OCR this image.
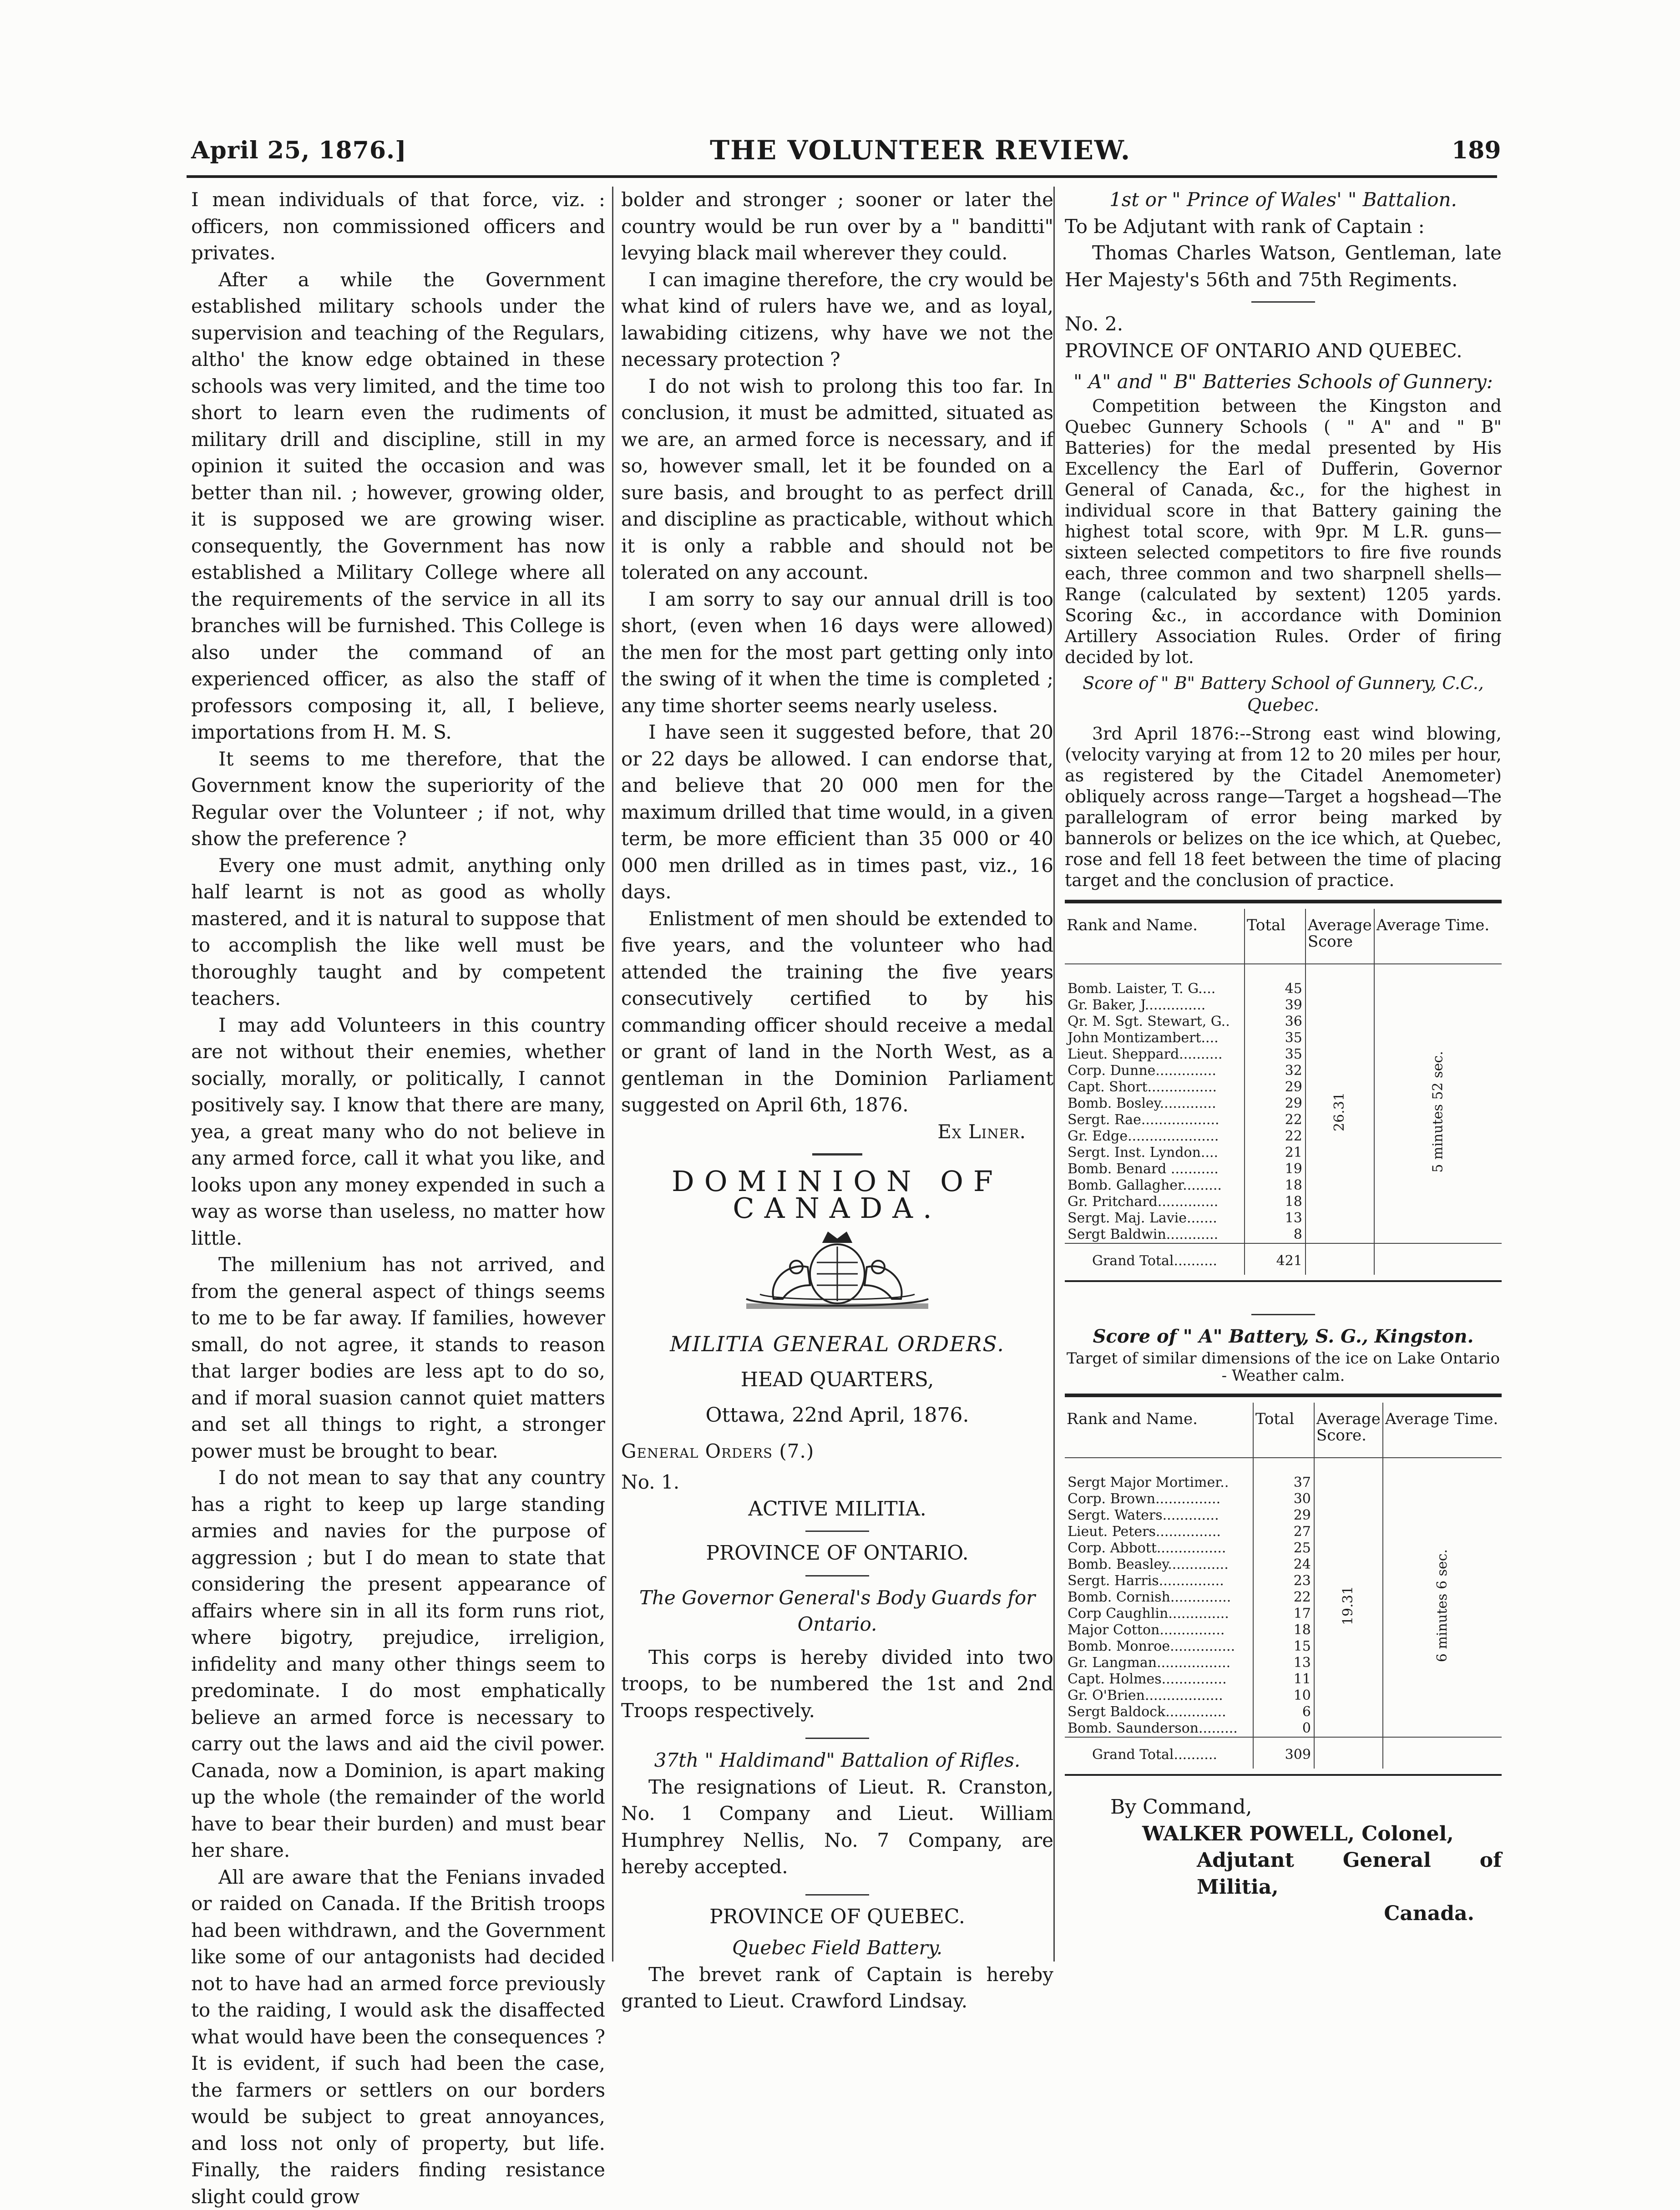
April 25, 1876.]	THE VOLUNTEER REVIEW.	189

I mean individuals of that force, viz. : officers, non commissioned officers and privates.

After a while the Government established military schools under the supervision and teaching of the Regulars, altho' the know edge obtained in these schools was very limited, and the time too short to learn even the rudiments of military drill and discipline, still in my opinion it suited the occasion and was better than nil. ; however, growing older, it is supposed we are growing wiser. consequently, the Government has now established a Military College where all the requirements of the service in all its branches will be furnished. This College is also under the command of an experienced officer, as also the staff of professors composing it, all, I believe, importations from H. M. S.

It seems to me therefore, that the Government know the superiority of the Regular over the Volunteer ; if not, why show the preference ?

Every one must admit, anything only half learnt is not as good as wholly mastered, and it is natural to suppose that to accomplish the like well must be thoroughly taught and by competent teachers.

I may add Volunteers in this country are not without their enemies, whether socially, morally, or politically, I cannot positively say. I know that there are many, yea, a great many who do not believe in any armed force, call it what you like, and looks upon any money expended in such a way as worse than useless, no matter how little.

The millenium has not arrived, and from the general aspect of things seems to me to be far away. If families, however small, do not agree, it stands to reason that larger bodies are less apt to do so, and if moral suasion cannot quiet matters and set all things to right, a stronger power must be brought to bear.

I do not mean to say that any country has a right to keep up large standing armies and navies for the purpose of aggression ; but I do mean to state that considering the present appearance of affairs where sin in all its form runs riot, where bigotry, prejudice, irreligion, infidelity and many other things seem to predominate. I do most emphatically believe an armed force is necessary to carry out the laws and aid the civil power. Canada, now a Dominion, is apart making up the whole (the remainder of the world have to bear their burden) and must bear her share.

All are aware that the Fenians invaded or raided on Canada. If the British troops had been withdrawn, and the Government like some of our antagonists had decided not to have had an armed force previously to the raiding, I would ask the disaffected what would have been the consequences ? It is evident, if such had been the case, the farmers or settlers on our borders would be subject to great annoyances, and loss not only of property, but life. Finally, the raiders finding resistance slight could grow

bolder and stronger ; sooner or later the country would be run over by a " banditti" levying black mail wherever they could.

I can imagine therefore, the cry would be what kind of rulers have we, and as loyal, lawabiding citizens, why have we not the necessary protection ?

I do not wish to prolong this too far. In conclusion, it must be admitted, situated as we are, an armed force is necessary, and if so, however small, let it be founded on a sure basis, and brought to as perfect drill and discipline as practicable, without which it is only a rabble and should not be tolerated on any account.

I am sorry to say our annual drill is too short, (even when 16 days were allowed) the men for the most part getting only into the swing of it when the time is completed ; any time shorter seems nearly useless.

I have seen it suggested before, that 20 or 22 days be allowed. I can endorse that, and believe that 20 000 men for the maximum drilled that time would, in a given term, be more efficient than 35 000 or 40 000 men drilled as in times past, viz., 16 days.

Enlistment of men should be extended to five years, and the volunteer who had attended the training the five years consecutively certified to by his commanding officer should receive a medal or grant of land in the North West, as a gentleman in the Dominion Parliament suggested on April 6th, 1876.

Ex Liner.

DOMINION OF CANADA.

MILITIA GENERAL ORDERS.

HEAD QUARTERS,

Ottawa, 22nd April, 1876.

General Orders (7.)

No. 1.

ACTIVE MILITIA.

PROVINCE OF ONTARIO.

The Governor General's Body Guards for Ontario.

This corps is hereby divided into two troops, to be numbered the 1st and 2nd Troops respectively.

37th " Haldimand" Battalion of Rifles.

The resignations of Lieut. R. Cranston, No. 1 Company and Lieut. William Humphrey Nellis, No. 7 Company, are hereby accepted.

PROVINCE OF QUEBEC.

Quebec Field Battery.

The brevet rank of Captain is hereby granted to Lieut. Crawford Lindsay.

1st or " Prince of Wales' " Battalion.

To be Adjutant with rank of Captain :

Thomas Charles Watson, Gentleman, late Her Majesty's 56th and 75th Regiments.

No. 2.

PROVINCE OF ONTARIO AND QUEBEC.

" A" and " B" Batteries Schools of Gunnery:

Competition between the Kingston and Quebec Gunnery Schools ( " A" and " B" Batteries) for the medal presented by His Excellency the Earl of Dufferin, Governor General of Canada, &c., for the highest in individual score in that Battery gaining the highest total score, with 9pr. M L.R. guns—sixteen selected competitors to fire five rounds each, three common and two sharpnell shells—Range (calculated by sextent) 1205 yards. Scoring &c., in accordance with Dominion Artillery Association Rules. Order of firing decided by lot.

Score of " B" Battery School of Gunnery, C.C., Quebec.

3rd April 1876:--Strong east wind blowing, (velocity varying at from 12 to 20 miles per hour, as registered by the Citadel Anemometer) obliquely across range—Target a hogshead—The parallelogram of error being marked by bannerols or belizes on the ice which, at Quebec, rose and fell 18 feet between the time of placing target and the conclusion of practice.

Rank and Name.	Total	Average Score	Average Time.
Bomb. Laister, T. G....	45	26.31	5 minutes 52 sec.
Gr. Baker, J..............	39		
Qr. M. Sgt. Stewart, G..	36		
John Montizambert....	35		
Lieut. Sheppard..........	35		
Corp. Dunne..............	32		
Capt. Short................	29		
Bomb. Bosley.............	29		
Sergt. Rae..................	22		
Gr. Edge.....................	22		
Sergt. Inst. Lyndon....	21		
Bomb. Benard ...........	19		
Bomb. Gallagher.........	18		
Gr. Pritchard..............	18		
Sergt. Maj. Lavie.......	13		
Sergt Baldwin............	8		
Grand Total..........	421		

Score of " A" Battery, S. G., Kingston.

Target of similar dimensions of the ice on Lake Ontario - Weather calm.

Rank and Name.	Total	Average Score.	Average Time.
Sergt Major Mortimer..	37	19.31	6 minutes 6 sec.
Corp. Brown...............	30		
Sergt. Waters.............	29		
Lieut. Peters...............	27		
Corp. Abbott................	25		
Bomb. Beasley..............	24		
Sergt. Harris...............	23		
Bomb. Cornish..............	22		
Corp Caughlin..............	17		
Major Cotton...............	18		
Bomb. Monroe...............	15		
Gr. Langman.................	13		
Capt. Holmes...............	11		
Gr. O'Brien..................	10		
Sergt Baldock..............	6		
Bomb. Saunderson.........	0		
Grand Total..........	309		

By Command,

WALKER POWELL, Colonel,

Adjutant General of Militia,

Canada.
